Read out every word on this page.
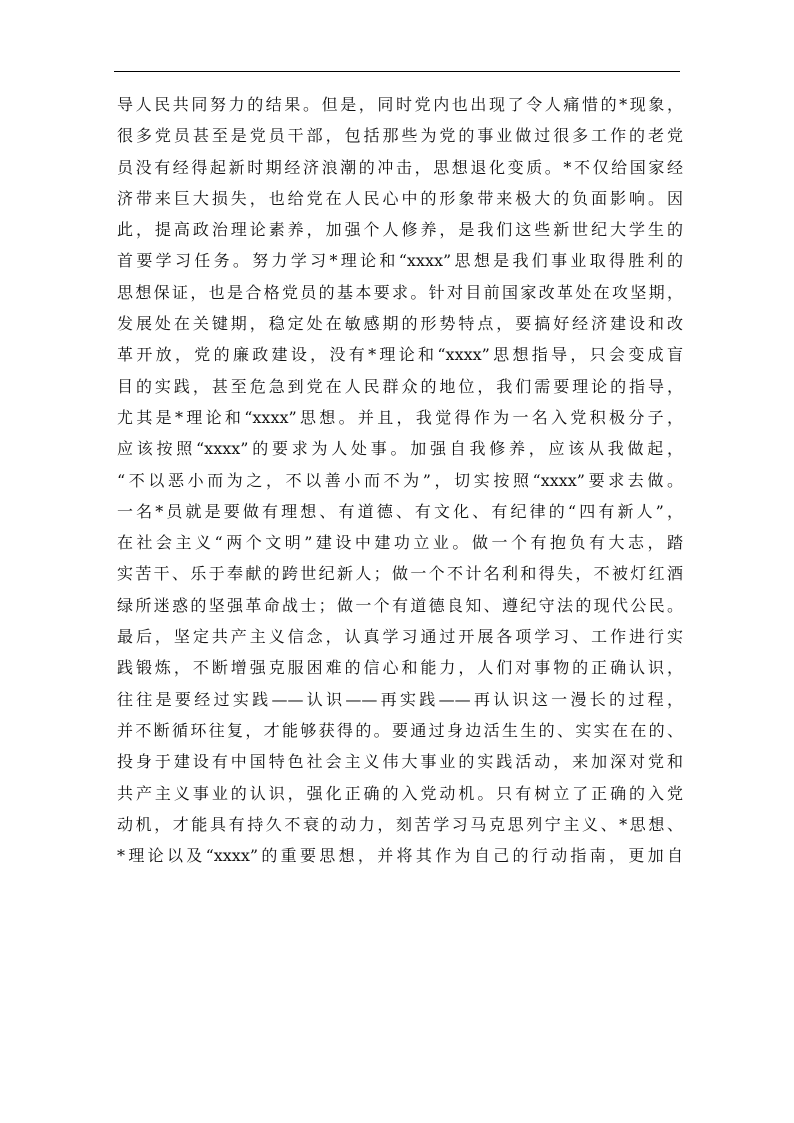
导人民共同努力的结果。但是，同时党内也出现了令人痛惜的*现象，
很多党员甚至是党员干部，包括那些为党的事业做过很多工作的老党
员没有经得起新时期经济浪潮的冲击，思想退化变质。*不仅给国家经
济带来巨大损失，也给党在人民心中的形象带来极大的负面影响。因
此，提高政治理论素养，加强个人修养，是我们这些新世纪大学生的
首要学习任务。努力学习*理论和“xxxx”思想是我们事业取得胜利的
思想保证，也是合格党员的基本要求。针对目前国家改革处在攻坚期，
发展处在关键期，稳定处在敏感期的形势特点，要搞好经济建设和改
革开放，党的廉政建设，没有*理论和“xxxx”思想指导，只会变成盲
目的实践，甚至危急到党在人民群众的地位，我们需要理论的指导，
尤其是*理论和“xxxx”思想。并且，我觉得作为一名入党积极分子，
应该按照“xxxx”的要求为人处事。加强自我修养，应该从我做起，
“不以恶小而为之，不以善小而不为”，切实按照“xxxx”要求去做。
一名*员就是要做有理想、有道德、有文化、有纪律的“四有新人”，
在社会主义“两个文明”建设中建功立业。做一个有抱负有大志，踏
实苦干、乐于奉献的跨世纪新人；做一个不计名利和得失，不被灯红酒
绿所迷惑的坚强革命战士；做一个有道德良知、遵纪守法的现代公民。
最后，坚定共产主义信念，认真学习通过开展各项学习、工作进行实
践锻炼，不断增强克服困难的信心和能力，人们对事物的正确认识，
往往是要经过实践——认识——再实践——再认识这一漫长的过程，
并不断循环往复，才能够获得的。要通过身边活生生的、实实在在的、
投身于建设有中国特色社会主义伟大事业的实践活动，来加深对党和
共产主义事业的认识，强化正确的入党动机。只有树立了正确的入党
动机，才能具有持久不衰的动力，刻苦学习马克思列宁主义、*思想、
*理论以及“xxxx”的重要思想，并将其作为自己的行动指南，更加自
